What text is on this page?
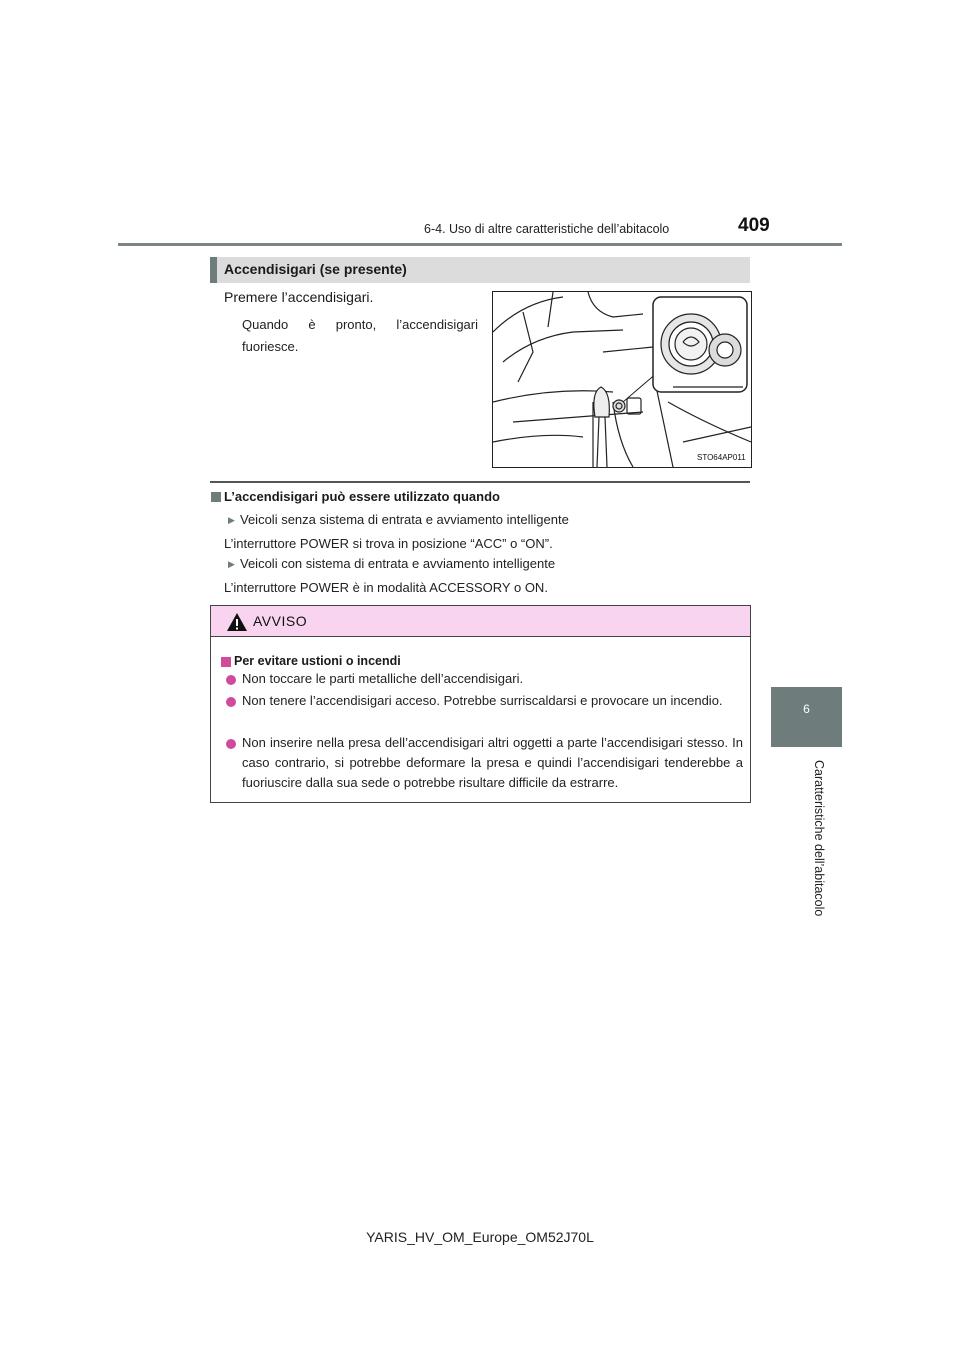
6-4. Uso di altre caratteristiche dell’abitacolo	409
6
Caratteristiche dell’abitacolo
Accendisigari (se presente)
Premere l’accendisigari.
Quando è pronto, l’accendisigari fuoriesce.
STO64AP011
L’accendisigari può essere utilizzato quando
▶ Veicoli senza sistema di entrata e avviamento intelligente
L’interruttore POWER si trova in posizione “ACC” o “ON”.
▶ Veicoli con sistema di entrata e avviamento intelligente
L’interruttore POWER è in modalità ACCESSORY o ON.
AVVISO
Per evitare ustioni o incendi
Non toccare le parti metalliche dell’accendisigari.
Non tenere l’accendisigari acceso. Potrebbe surriscaldarsi e provocare un incendio.
Non inserire nella presa dell’accendisigari altri oggetti a parte l’accendisigari stesso. In caso contrario, si potrebbe deformare la presa e quindi l’accendisigari tenderebbe a fuoriuscire dalla sua sede o potrebbe risultare difficile da estrarre.
YARIS_HV_OM_Europe_OM52J70L
